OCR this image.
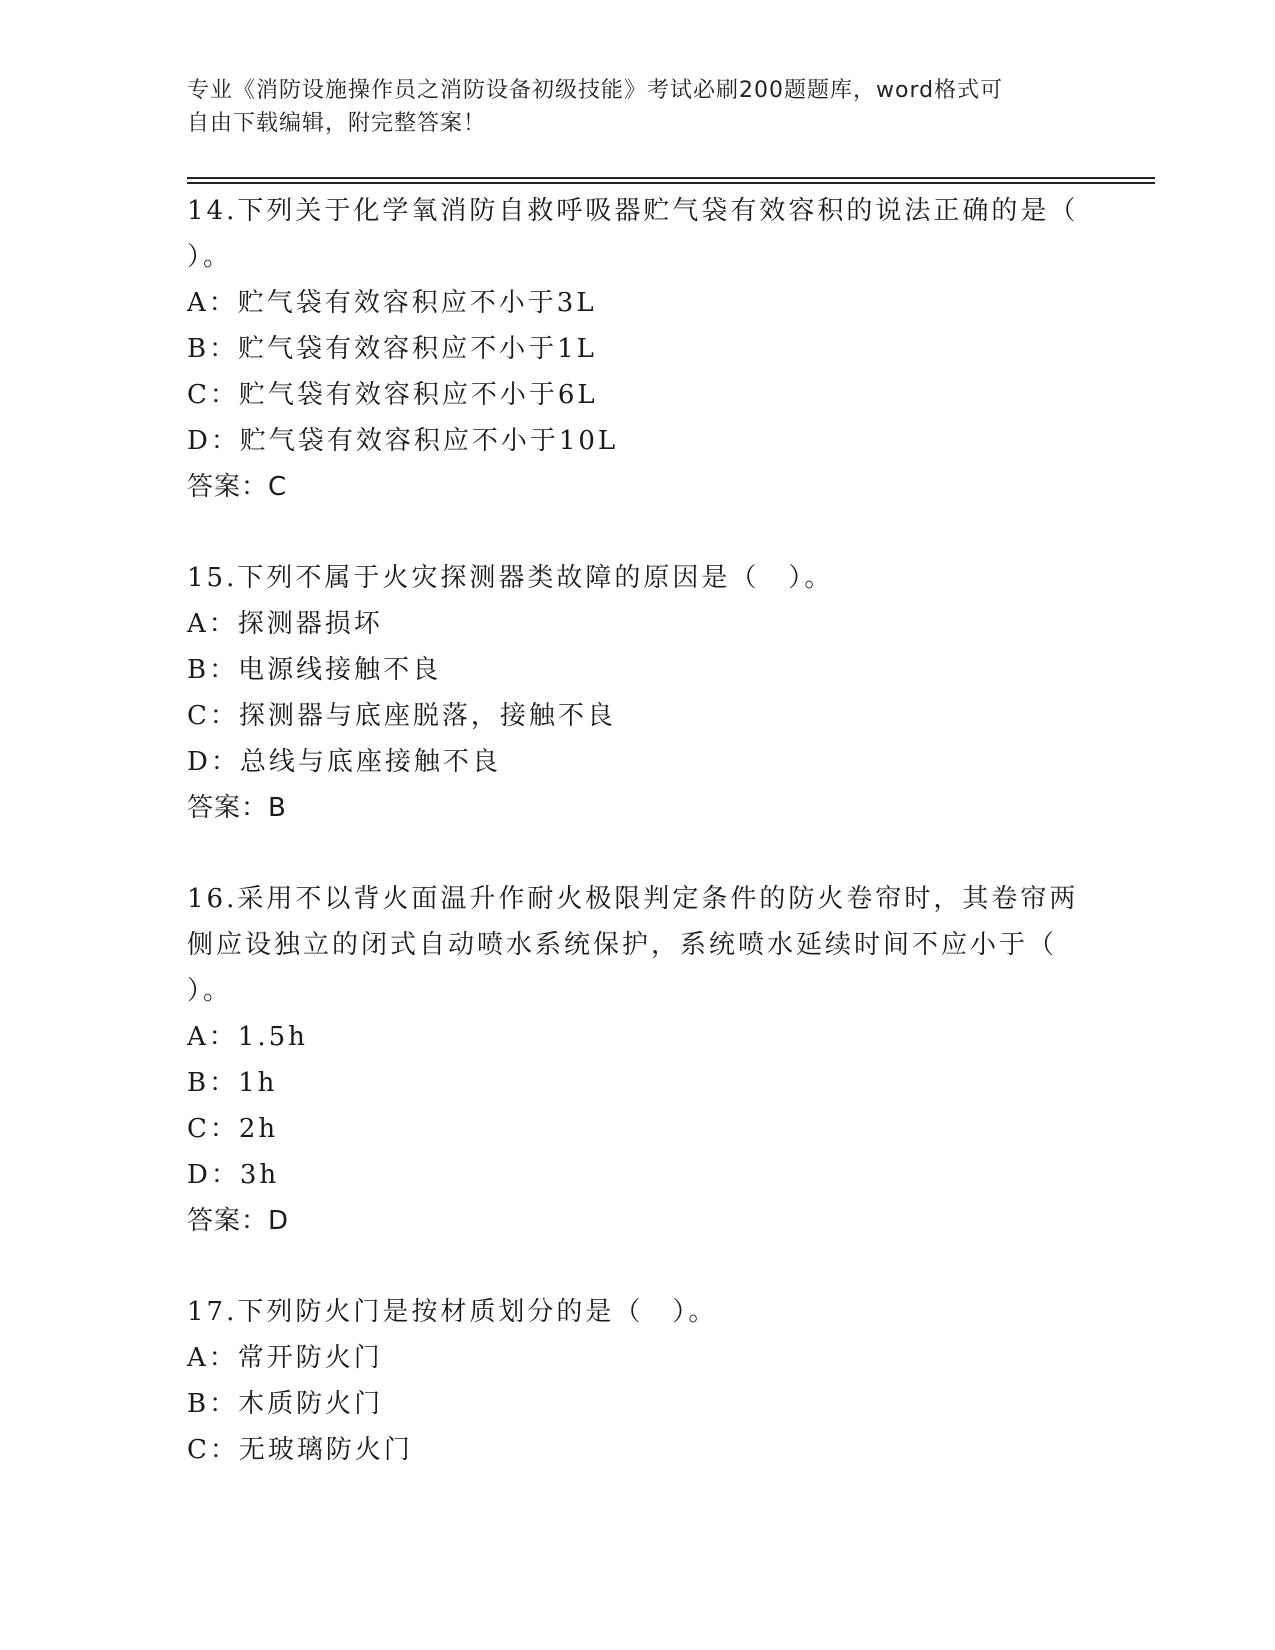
专业《消防设施操作员之消防设备初级技能》考试必刷200题题库，word格式可

自由下载编辑，附完整答案！

14.下列关于化学氧消防自救呼吸器贮气袋有效容积的说法正确的是（
）。
A：贮气袋有效容积应不小于3L
B：贮气袋有效容积应不小于1L
C：贮气袋有效容积应不小于6L
D：贮气袋有效容积应不小于10L
答案：C
15.下列不属于火灾探测器类故障的原因是（　）。
A：探测器损坏
B：电源线接触不良
C：探测器与底座脱落，接触不良
D：总线与底座接触不良
答案：B
16.采用不以背火面温升作耐火极限判定条件的防火卷帘时，其卷帘两
侧应设独立的闭式自动喷水系统保护，系统喷水延续时间不应小于（
）。
A：1.5h
B：1h
C：2h
D：3h
答案：D
17.下列防火门是按材质划分的是（　）。
A：常开防火门
B：木质防火门
C：无玻璃防火门
